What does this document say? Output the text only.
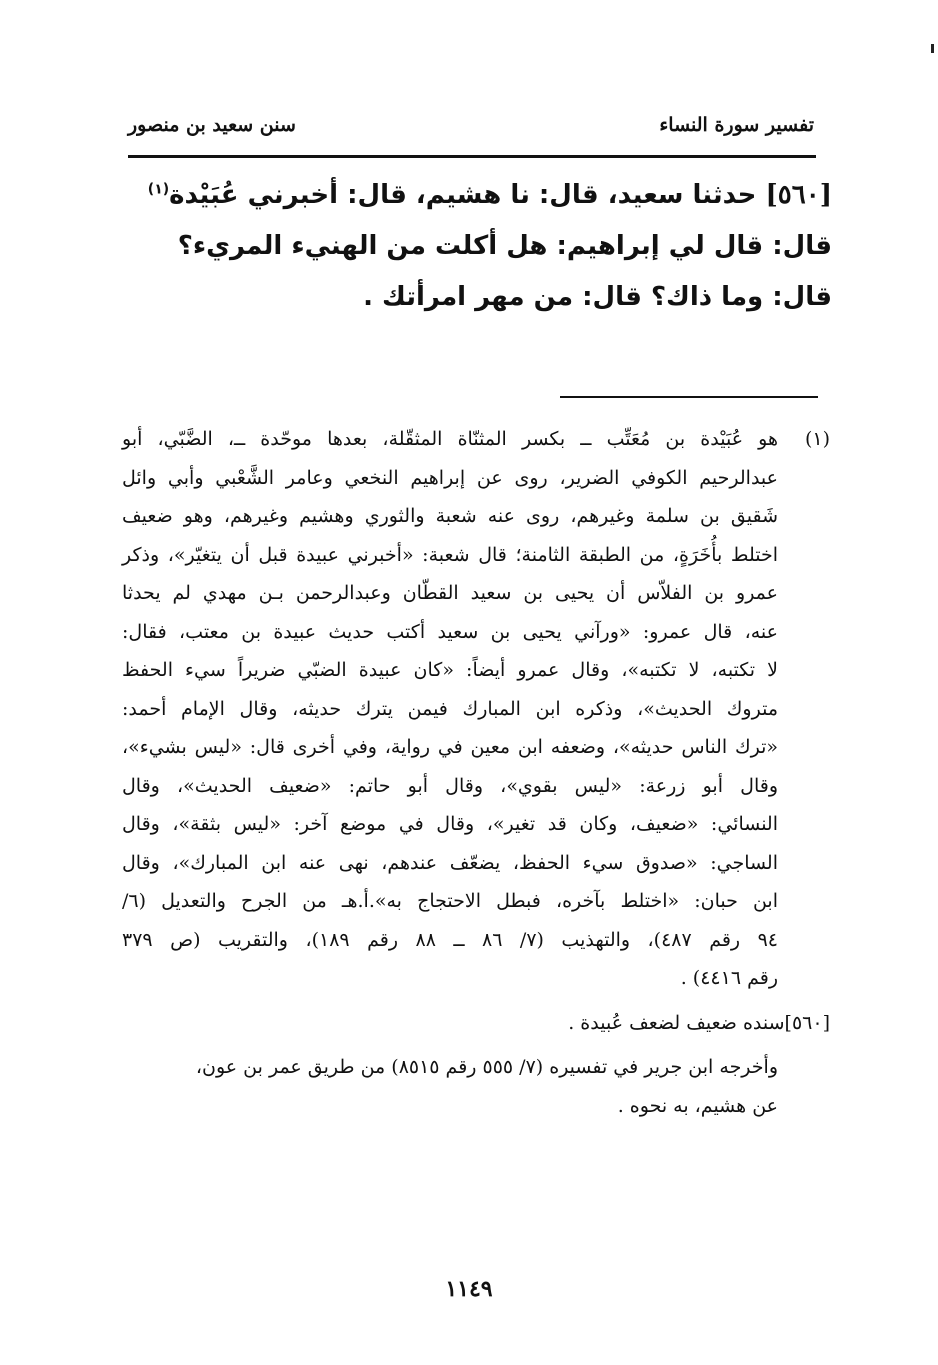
تفسير سورة النساء
سنن سعيد بن منصور
[٥٦٠] حدثنا سعيد، قال: نا هشيم، قال: أخبرني عُبَيْدة$^{(١)}$ قال: قال لي إبراهيم: هل أكلت من الهنيء المريء؟ قال: وما ذاك؟ قال: من مهر امرأتك .
(١)
هو عُبَيْدة بن مُعَتِّب ــ بكسر المثنّاة المثقّلة، بعدها موحّدة ــ، الضَّبّي، أبو
عبدالرحيم الكوفي الضرير، روى عن إبراهيم النخعي وعامر الشَّعْبي وأبي وائل
شَقيق بن سلمة وغيرهم، روى عنه شعبة والثوري وهشيم وغيرهم، وهو ضعيف
اختلط بأُخَرَةٍ، من الطبقة الثامنة؛ قال شعبة: «أخبرني عبيدة قبل أن يتغيّر»، وذكر
عمرو بن الفلاّس أن يحيى بن سعيد القطّان وعبدالرحمن بـن مهدي لم يحدثا
عنه، قال عمرو: «ورآني يحيى بن سعيد أكتب حديث عبيدة بن معتب، فقال:
لا تكتبه، لا تكتبه»، وقال عمرو أيضاً: «كان عبيدة الضبّي ضريراً سيء الحفظ
متروك الحديث»، وذكره ابن المبارك فيمن يترك حديثه، وقال الإمام أحمد:
«ترك الناس حديثه»، وضعفه ابن معين في رواية، وفي أخرى قال: «ليس بشيء»،
وقال أبو زرعة: «ليس بقوي»، وقال أبو حاتم: «ضعيف الحديث»، وقال
النسائي: «ضعيف، وكان قد تغير»، وقال في موضع آخر: «ليس بثقة»، وقال
الساجي: «صدوق سيء الحفظ، يضعّف عندهم، نهى عنه ابن المبارك»، وقال
ابن حبان: «اختلط بآخره، فبطل الاحتجاج به».أ.هـ من الجرح والتعديل (٦/
٩٤ رقم ٤٨٧)، والتهذيب (٧/ ٨٦ ــ ٨٨ رقم ١٨٩)، والتقريب (ص ٣٧٩
رقم ٤٤١٦) .
[٥٦٠]سنده ضعيف لضعف عُبيدة .
وأخرجه ابن جرير في تفسيره (٧/ ٥٥٥ رقم ٨٥١٥) من طريق عمر بن عون،
عن هشيم، به نحوه .
١١٤٩
